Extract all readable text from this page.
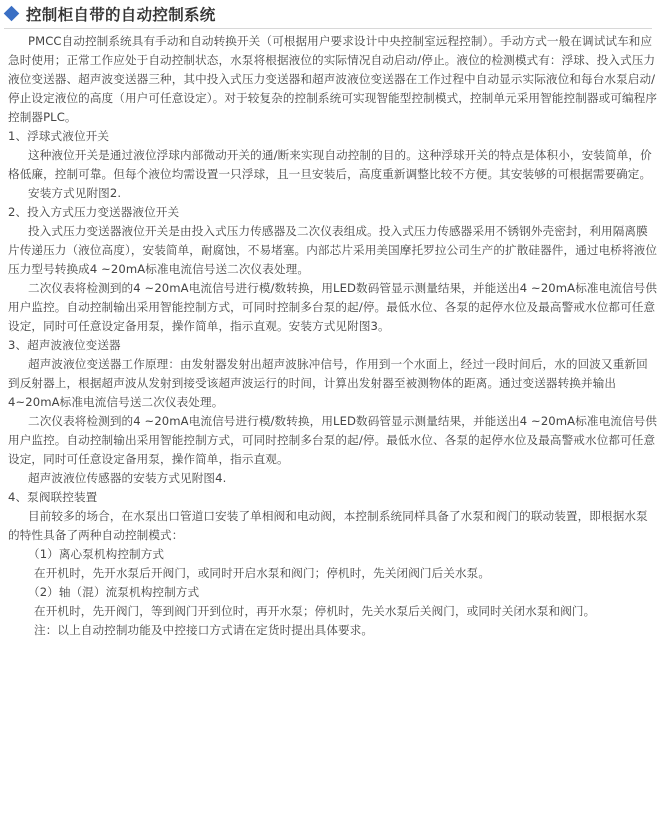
控制柜自带的自动控制系统

PMCC自动控制系统具有手动和自动转换开关（可根据用户要求设计中央控制室远程控制）。手动方式一般在调试试车和应急时使用；正常工作应处于自动控制状态，水泵将根据液位的实际情况自动启动/停止。液位的检测模式有：浮球、投入式压力液位变送器、超声波变送器三种，其中投入式压力变送器和超声波液位变送器在工作过程中自动显示实际液位和每台水泵启动/停止设定液位的高度（用户可任意设定）。对于较复杂的控制系统可实现智能型控制模式，控制单元采用智能控制器或可编程序控制器PLC。

1、浮球式液位开关

这种液位开关是通过液位浮球内部微动开关的通/断来实现自动控制的目的。这种浮球开关的特点是体积小，安装简单，价格低廉，控制可靠。但每个液位均需设置一只浮球，且一旦安装后，高度重新调整比较不方便。其安装够的可根据需要确定。

安装方式见附图2.

2、投入方式压力变送器液位开关

投入式压力变送器液位开关是由投入式压力传感器及二次仪表组成。投入式压力传感器采用不锈钢外壳密封，利用隔离膜片传递压力（液位高度），安装简单，耐腐蚀，不易堵塞。内部芯片采用美国摩托罗拉公司生产的扩散硅器件，通过电桥将液位压力型号转换成4 ~20mA标准电流信号送二次仪表处理。

二次仪表将检测到的4 ~20mA电流信号进行模/数转换，用LED数码管显示测量结果，并能送出4 ~20mA标准电流信号供用户监控。自动控制输出采用智能控制方式，可同时控制多台泵的起/停。最低水位、各泵的起停水位及最高警戒水位都可任意设定，同时可任意设定备用泵，操作简单，指示直观。安装方式见附图3。

3、超声波液位变送器

超声波液位变送器工作原理：由发射器发射出超声波脉冲信号，作用到一个水面上，经过一段时间后，水的回波又重新回到反射器上，根据超声波从发射到接受该超声波运行的时间，计算出发射器至被测物体的距离。通过变送器转换并输出4~20mA标准电流信号送二次仪表处理。

二次仪表将检测到的4 ~20mA电流信号进行模/数转换，用LED数码管显示测量结果，并能送出4 ~20mA标准电流信号供用户监控。自动控制输出采用智能控制方式，可同时控制多台泵的起/停。最低水位、各泵的起停水位及最高警戒水位都可任意设定，同时可任意设定备用泵，操作简单，指示直观。

超声波液位传感器的安装方式见附图4.

4、泵阀联控装置

目前较多的场合，在水泵出口管道口安装了单相阀和电动阀，本控制系统同样具备了水泵和阀门的联动装置，即根据水泵的特性具备了两种自动控制模式：

（1）离心泵机构控制方式

在开机时，先开水泵后开阀门，或同时开启水泵和阀门；停机时，先关闭阀门后关水泵。

（2）轴（混）流泵机构控制方式

在开机时，先开阀门，等到阀门开到位时，再开水泵；停机时，先关水泵后关阀门，或同时关闭水泵和阀门。

注：以上自动控制功能及中控接口方式请在定货时提出具体要求。
